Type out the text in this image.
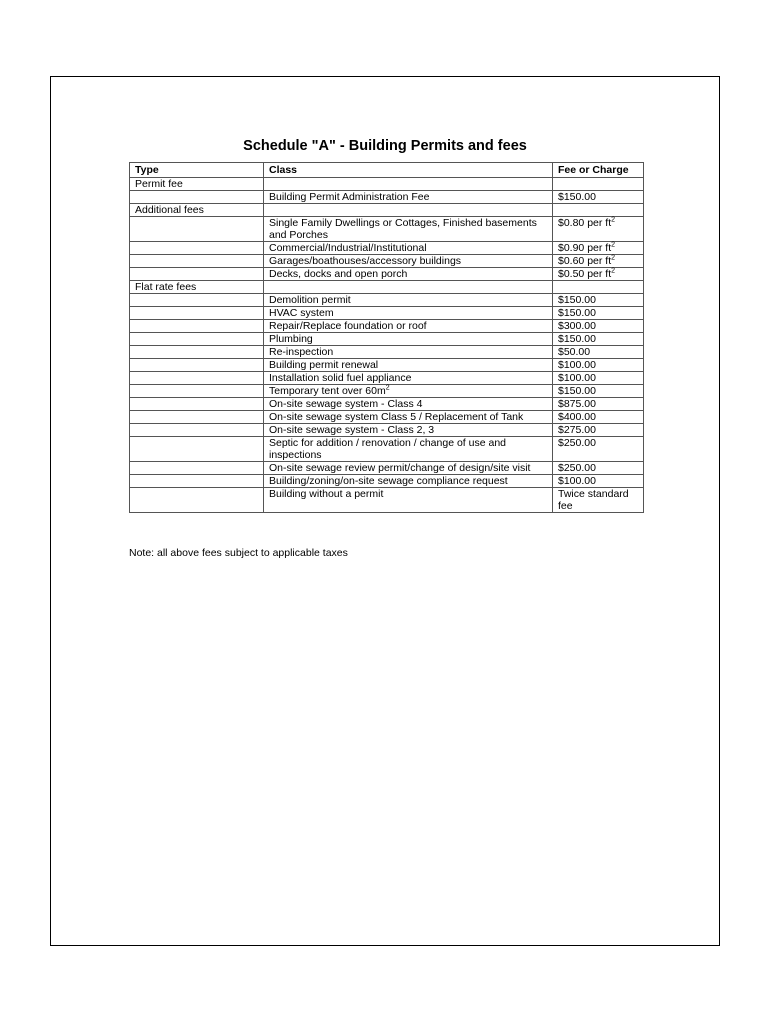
Schedule "A" - Building Permits and fees
Type	Class	Fee or Charge
Permit fee		
	Building Permit Administration Fee	$150.00
Additional fees		
	Single Family Dwellings or Cottages, Finished basements and Porches	$0.80 per $ft^2$
	Commercial/Industrial/Institutional	$0.90 per $ft^2$
	Garages/boathouses/accessory buildings	$0.60 per $ft^2$
	Decks, docks and open porch	$0.50 per $ft^2$
Flat rate fees		
	Demolition permit	$150.00
	HVAC system	$150.00
	Repair/Replace foundation or roof	$300.00
	Plumbing	$150.00
	Re-inspection	$50.00
	Building permit renewal	$100.00
	Installation solid fuel appliance	$100.00
	Temporary tent over $60m^2$	$150.00
	On-site sewage system - Class 4	$875.00
	On-site sewage system Class 5 / Replacement of Tank	$400.00
	On-site sewage system - Class 2, 3	$275.00
	Septic for addition / renovation / change of use and inspections	$250.00
	On-site sewage review permit/change of design/site visit	$250.00
	Building/zoning/on-site sewage compliance request	$100.00
	Building without a permit	Twice standard fee
Note: all above fees subject to applicable taxes
